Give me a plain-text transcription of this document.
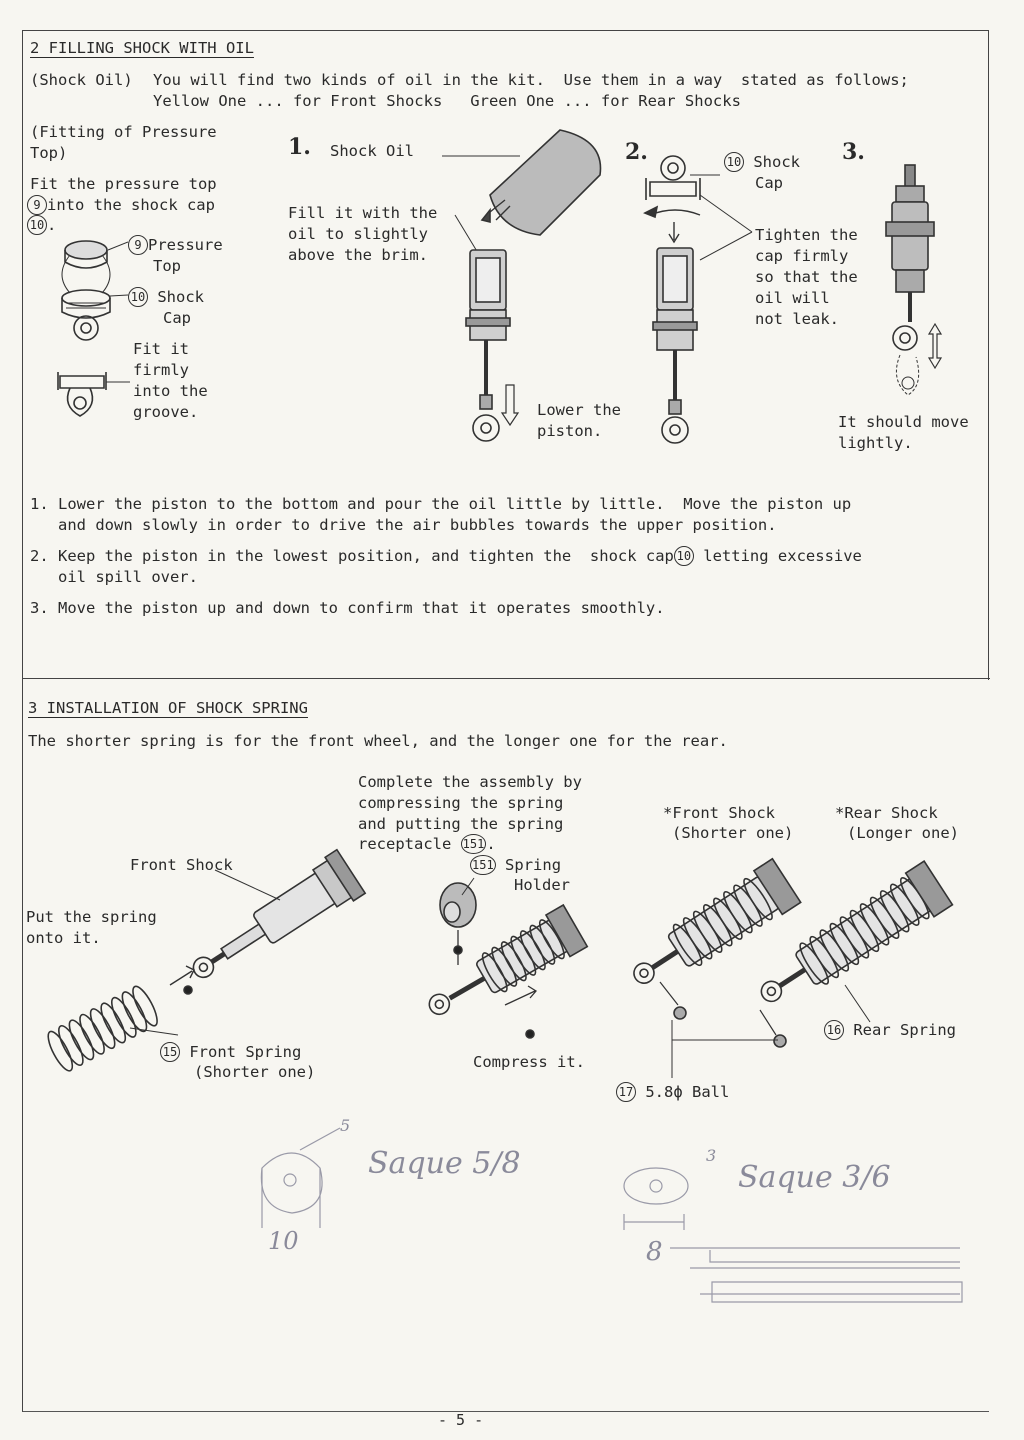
2 FILLING SHOCK WITH OIL
(Shock Oil) You will find two kinds of oil in the kit.  Use them in a way  stated as follows;
Yellow One ... for Front Shocks   Green One ... for Rear Shocks
(Fitting of Pressure
Top)
Fit the pressure top
9 into the shock cap
10 .
9 Pressure
Top
10 Shock
Cap
Fit it
firmly
into the
groove.
1. Shock Oil
Fill it with the
oil to slightly
above the brim.
Lower the
piston.
2.	10 Shock
Cap
Tighten the
cap firmly
so that the
oil will
not leak.
3.
It should move
lightly.
1. Lower the piston to the bottom and pour the oil little by little.  Move the piston up
and down slowly in order to drive the air bubbles towards the upper position.
2. Keep the piston in the lowest position, and tighten the  shock cap 10 letting excessive
oil spill over.
3. Move the piston up and down to confirm that it operates smoothly.
3 INSTALLATION OF SHOCK SPRING
The shorter spring is for the front wheel, and the longer one for the rear.
Complete the assembly by
compressing the spring
and putting the spring
receptacle 151 .
151 Spring
Holder
Front Shock
Put the spring
onto it.
15 Front Spring
(Shorter one)
Compress it.
*Front Shock
(Shorter one)
*Rear Shock
(Longer one)
16 Rear Spring
17 5.8ϕ Ball
5
Saque 5/8
10
3
Saque 3/6
8
- 5 -
